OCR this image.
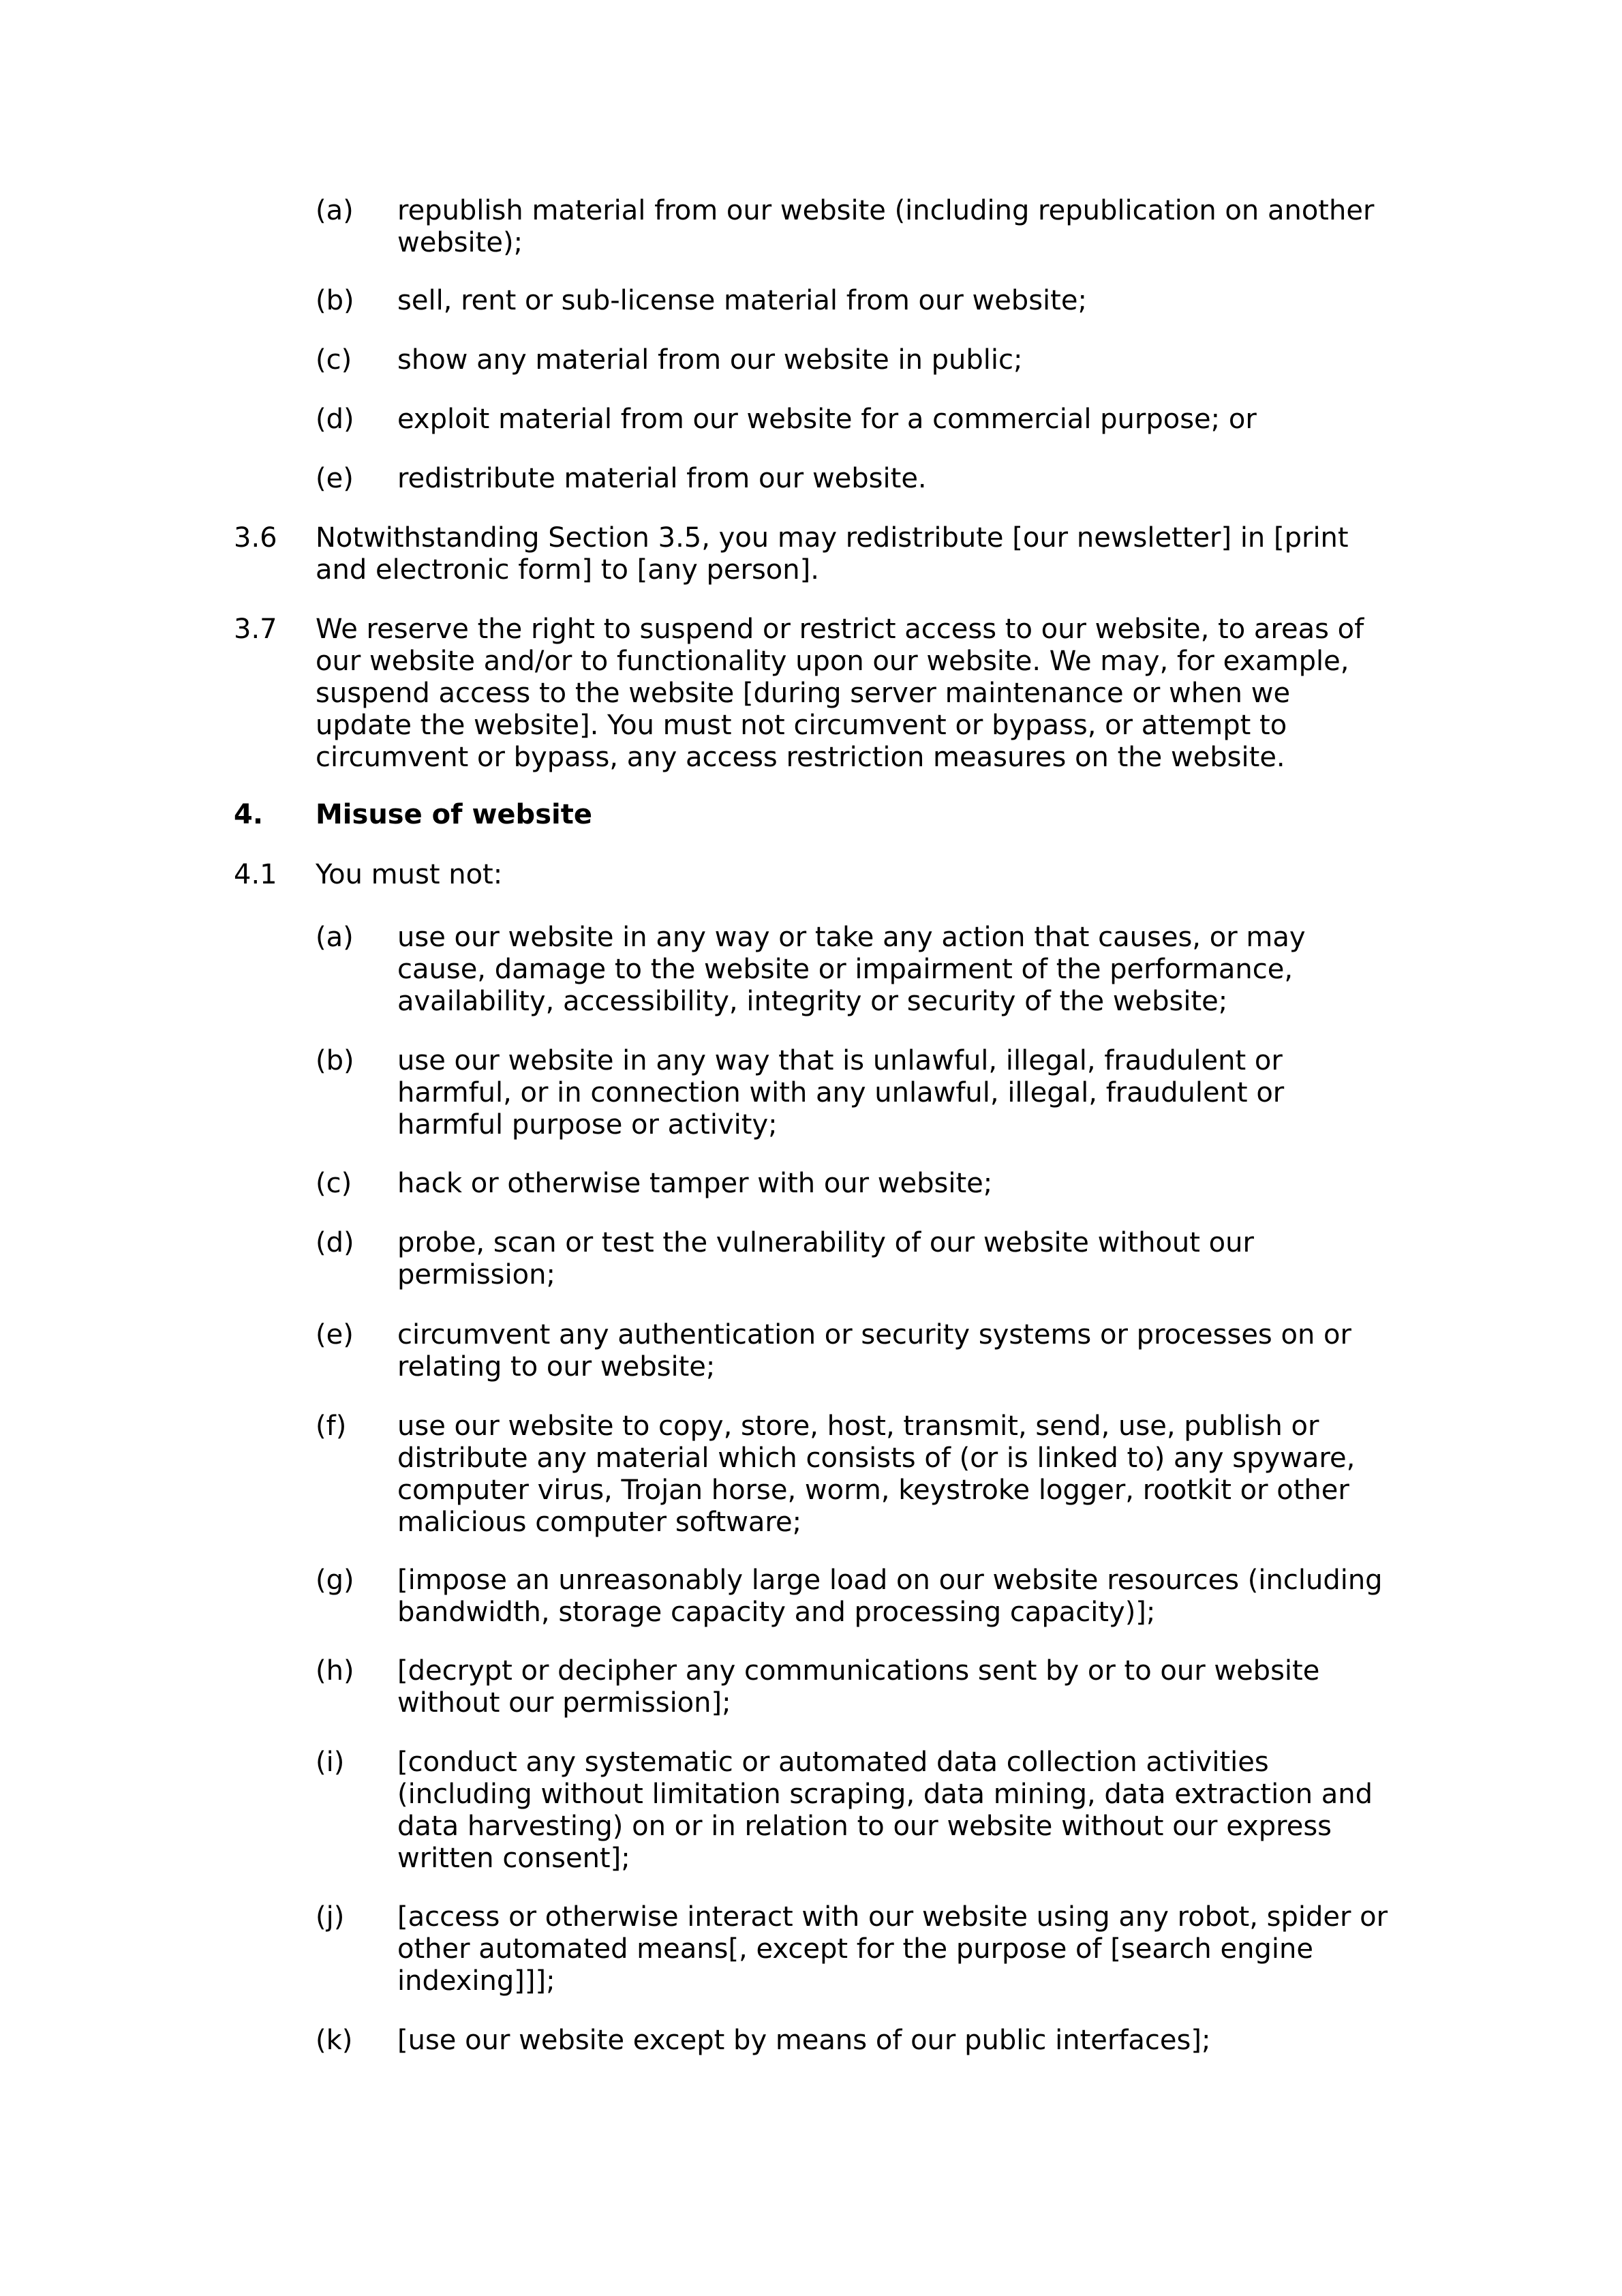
(a) republish material from our website (including republication on another
website);
(b) sell, rent or sub-license material from our website;
(c) show any material from our website in public;
(d) exploit material from our website for a commercial purpose; or
(e) redistribute material from our website.
3.6 Notwithstanding Section 3.5, you may redistribute [our newsletter] in [print
and electronic form] to [any person].
3.7 We reserve the right to suspend or restrict access to our website, to areas of
our website and/or to functionality upon our website. We may, for example,
suspend access to the website [during server maintenance or when we
update the website]. You must not circumvent or bypass, or attempt to
circumvent or bypass, any access restriction measures on the website.
4. Misuse of website
4.1 You must not:
(a) use our website in any way or take any action that causes, or may
cause, damage to the website or impairment of the performance,
availability, accessibility, integrity or security of the website;
(b) use our website in any way that is unlawful, illegal, fraudulent or
harmful, or in connection with any unlawful, illegal, fraudulent or
harmful purpose or activity;
(c) hack or otherwise tamper with our website;
(d) probe, scan or test the vulnerability of our website without our
permission;
(e) circumvent any authentication or security systems or processes on or
relating to our website;
(f) use our website to copy, store, host, transmit, send, use, publish or
distribute any material which consists of (or is linked to) any spyware,
computer virus, Trojan horse, worm, keystroke logger, rootkit or other
malicious computer software;
(g) [impose an unreasonably large load on our website resources (including
bandwidth, storage capacity and processing capacity)];
(h) [decrypt or decipher any communications sent by or to our website
without our permission];
(i) [conduct any systematic or automated data collection activities
(including without limitation scraping, data mining, data extraction and
data harvesting) on or in relation to our website without our express
written consent];
(j) [access or otherwise interact with our website using any robot, spider or
other automated means[, except for the purpose of [search engine
indexing]]];
(k) [use our website except by means of our public interfaces];
